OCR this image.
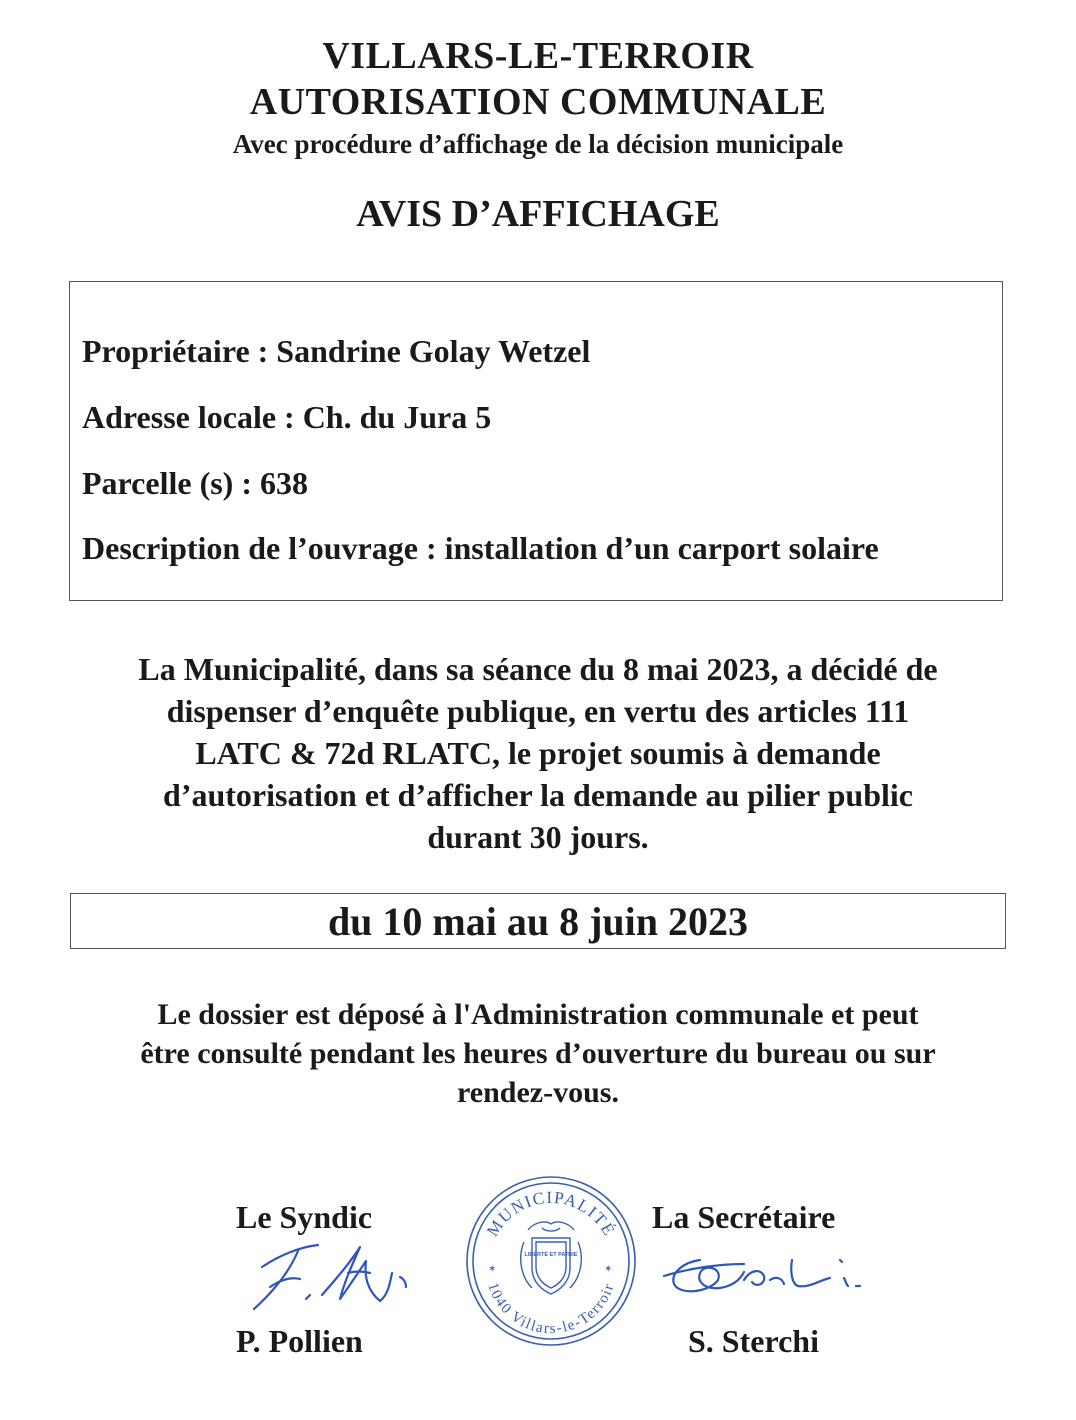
VILLARS-LE-TERROIR
AUTORISATION COMMUNALE
Avec procédure d’affichage de la décision municipale
AVIS D’AFFICHAGE
Propriétaire : Sandrine Golay Wetzel
Adresse locale : Ch. du Jura 5
Parcelle (s) : 638
Description de l’ouvrage : installation d’un carport solaire
La Municipalité, dans sa séance du 8 mai 2023, a décidé de
dispenser d’enquête publique, en vertu des articles 111
LATC & 72d RLATC, le projet soumis à demande
d’autorisation et d’afficher la demande au pilier public
durant 30 jours.
du 10 mai au 8 juin 2023
Le dossier est déposé à l'Administration communale et peut
être consulté pendant les heures d’ouverture du bureau ou sur
rendez-vous.
Le Syndic
P. Pollien
La Secrétaire
S. Sterchi
MUNICIPALITÉ
1040 Villars-le-Terroir
LIBERTÉ ET PATRIE
✶	✶
